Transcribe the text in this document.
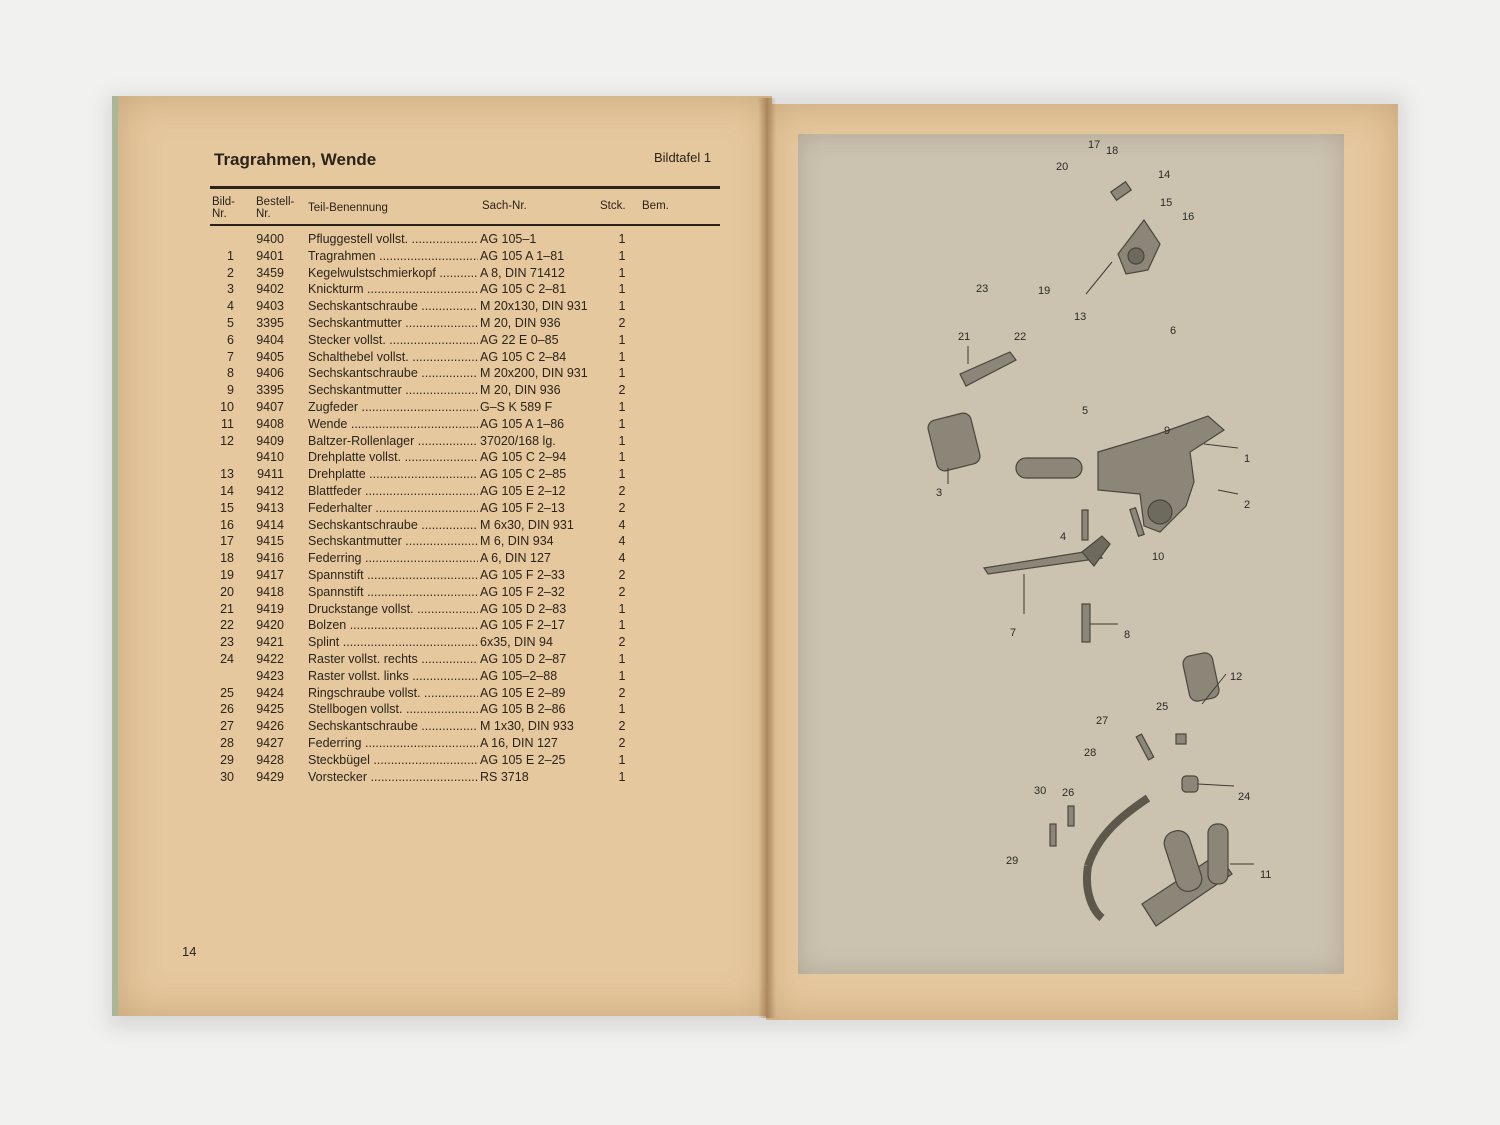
Tragrahmen, Wende	Bildtafel 1
Bild-
Nr.
Bestell-
Nr.	Teil-Benennung	Sach-Nr.	Stck. Bem.
9400 Pfluggestell vollst. .....	AG 105–1	1
1	9401 Tragrahmen .....	AG 105 A 1–81	1
2	3459 Kegelwulstschmierkopf .....	A 8, DIN 71412	1
3	9402 Knickturm .....	AG 105 C 2–81	1
4	9403 Sechskantschraube .....	M 20x130, DIN 931	1
5	3395 Sechskantmutter .....	M 20, DIN 936	2
6	9404 Stecker vollst. .....	AG 22 E 0–85	1
7	9405 Schalthebel vollst. .....	AG 105 C 2–84	1
8	9406 Sechskantschraube .....	M 20x200, DIN 931	1
9	3395 Sechskantmutter .....	M 20, DIN 936	2
10	9407 Zugfeder .....	G–S K 589 F	1
11	9408 Wende .....	AG 105 A 1–86	1
12	9409 Baltzer-Rollenlager .....	37020/168 lg.	1
9410 Drehplatte vollst. .....	AG 105 C 2–94	1
13	9411 Drehplatte .....	AG 105 C 2–85	1
14	9412 Blattfeder .....	AG 105 E 2–12	2
15	9413 Federhalter .....	AG 105 F 2–13	2
16	9414 Sechskantschraube .....	M 6x30, DIN 931	4
17	9415 Sechskantmutter .....	M 6, DIN 934	4
18	9416 Federring .....	A 6, DIN 127	4
19	9417 Spannstift .....	AG 105 F 2–33	2
20	9418 Spannstift .....	AG 105 F 2–32	2
21	9419 Druckstange vollst. .....	AG 105 D 2–83	1
22	9420 Bolzen .....	AG 105 F 2–17	1
23	9421 Splint .....	6x35, DIN 94	2
24	9422 Raster vollst. rechts .....	AG 105 D 2–87	1
9423 Raster vollst. links .....	AG 105–2–88	1
25	9424 Ringschraube vollst. .....	AG 105 E 2–89	2
26	9425 Stellbogen vollst. .....	AG 105 B 2–86	1
27	9426 Sechskantschraube .....	M 1x30, DIN 933	2
28	9427 Federring .....	A 16, DIN 127	2
29	9428 Steckbügel .....	AG 105 E 2–25	1
30	9429 Vorstecker .....	RS 3718	1
14
1
2
3
4
5
6
7	8
9
10
11
12
13
14
15
16
17 18
19
20
21	22
23
24
25
26
27
28
29
30
